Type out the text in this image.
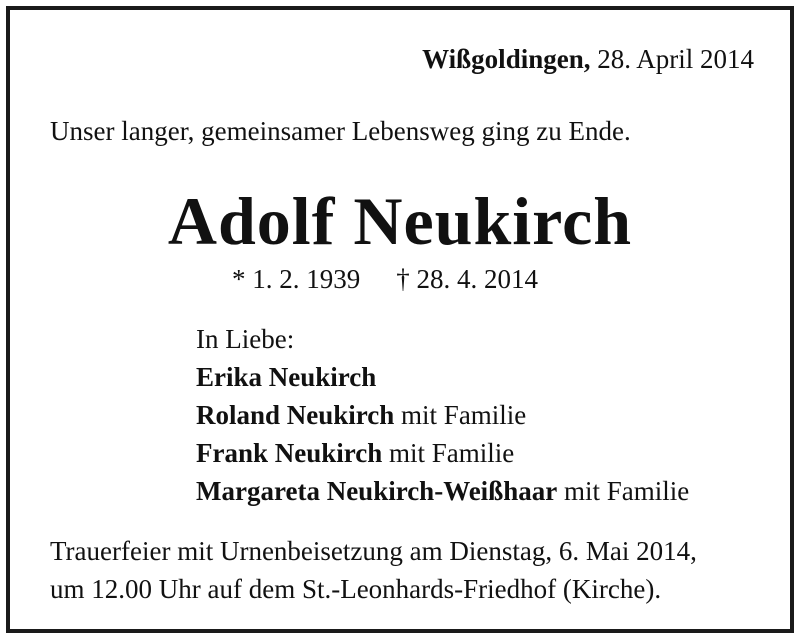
Wißgoldingen, 28. April 2014
Unser langer, gemeinsamer Lebensweg ging zu Ende.
Adolf Neukirch
* 1. 2. 1939 † 28. 4. 2014
In Liebe:
Erika Neukirch
Roland Neukirch mit Familie
Frank Neukirch mit Familie
Margareta Neukirch-Weißhaar mit Familie
Trauerfeier mit Urnenbeisetzung am Dienstag, 6. Mai 2014,
um 12.00 Uhr auf dem St.-Leonhards-Friedhof (Kirche).
